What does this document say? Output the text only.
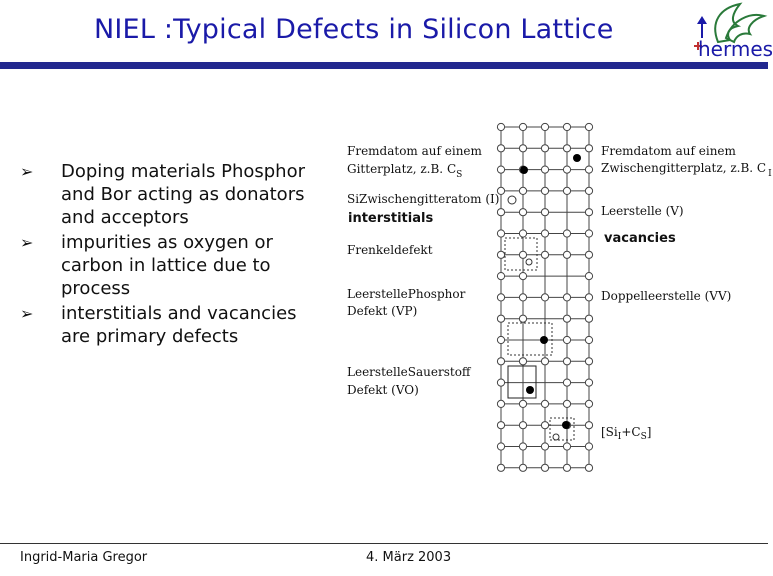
NIEL :Typical Defects in Silicon Lattice
hermes
➢ Doping materials Phosphor and Bor acting as donators and acceptors
➢ impurities as oxygen or carbon in lattice due to process
➢ interstitials and vacancies are primary defects
Fremdatom auf einem
Gitterplatz, z.B. $C_S$
SiZwischengitteratom (I)
interstitials
Frenkeldefekt
LeerstellePhosphor
Defekt (VP)
LeerstelleSauerstoff
Defekt (VO)
Fremdatom auf einem
Zwischengitterplatz, z.B. C $_I$
Leerstelle (V)
vacancies
Doppelleerstelle (VV)
$[Si_I+C_S]$
Ingrid-Maria Gregor	4. März 2003
